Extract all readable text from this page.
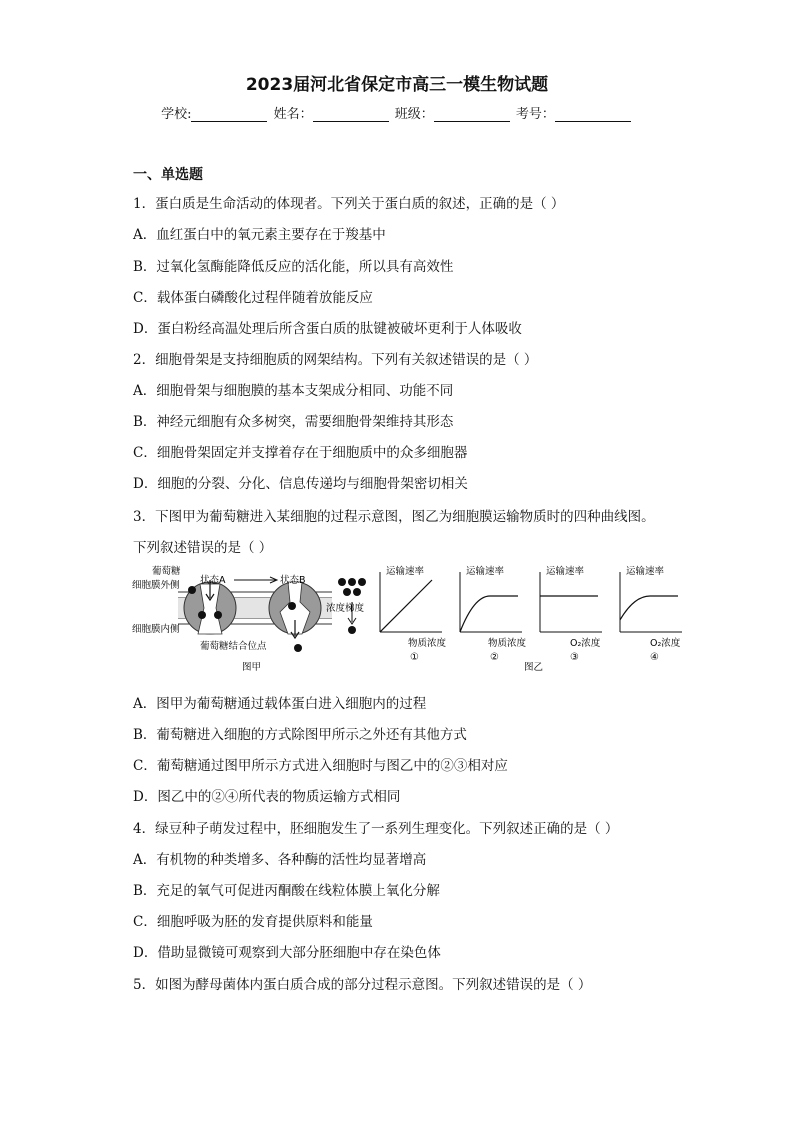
2023届河北省保定市高三一模生物试题
学校:	姓名：	班级：	考号：
一、单选题
1．蛋白质是生命活动的体现者。下列关于蛋白质的叙述，正确的是（ ）
A．血红蛋白中的氧元素主要存在于羧基中
B．过氧化氢酶能降低反应的活化能，所以具有高效性
C．载体蛋白磷酸化过程伴随着放能反应
D．蛋白粉经高温处理后所含蛋白质的肽键被破坏更利于人体吸收
2．细胞骨架是支持细胞质的网架结构。下列有关叙述错误的是（ ）
A．细胞骨架与细胞膜的基本支架成分相同、功能不同
B．神经元细胞有众多树突，需要细胞骨架维持其形态
C．细胞骨架固定并支撑着存在于细胞质中的众多细胞器
D．细胞的分裂、分化、信息传递均与细胞骨架密切相关
3．下图甲为葡萄糖进入某细胞的过程示意图，图乙为细胞膜运输物质时的四种曲线图。
下列叙述错误的是（ ）
葡萄糖
细胞膜外侧
细胞膜内侧
状态A	状态B
浓度梯度
葡萄糖结合位点
图甲
运输速率
物质浓度
①
运输速率
物质浓度
②
运输速率
O₂浓度
③
运输速率
O₂浓度
④
图乙
A．图甲为葡萄糖通过载体蛋白进入细胞内的过程
B．葡萄糖进入细胞的方式除图甲所示之外还有其他方式
C．葡萄糖通过图甲所示方式进入细胞时与图乙中的②③相对应
D．图乙中的②④所代表的物质运输方式相同
4．绿豆种子萌发过程中，胚细胞发生了一系列生理变化。下列叙述正确的是（ ）
A．有机物的种类增多、各种酶的活性均显著增高
B．充足的氧气可促进丙酮酸在线粒体膜上氧化分解
C．细胞呼吸为胚的发育提供原料和能量
D．借助显微镜可观察到大部分胚细胞中存在染色体
5．如图为酵母菌体内蛋白质合成的部分过程示意图。下列叙述错误的是（ ）
